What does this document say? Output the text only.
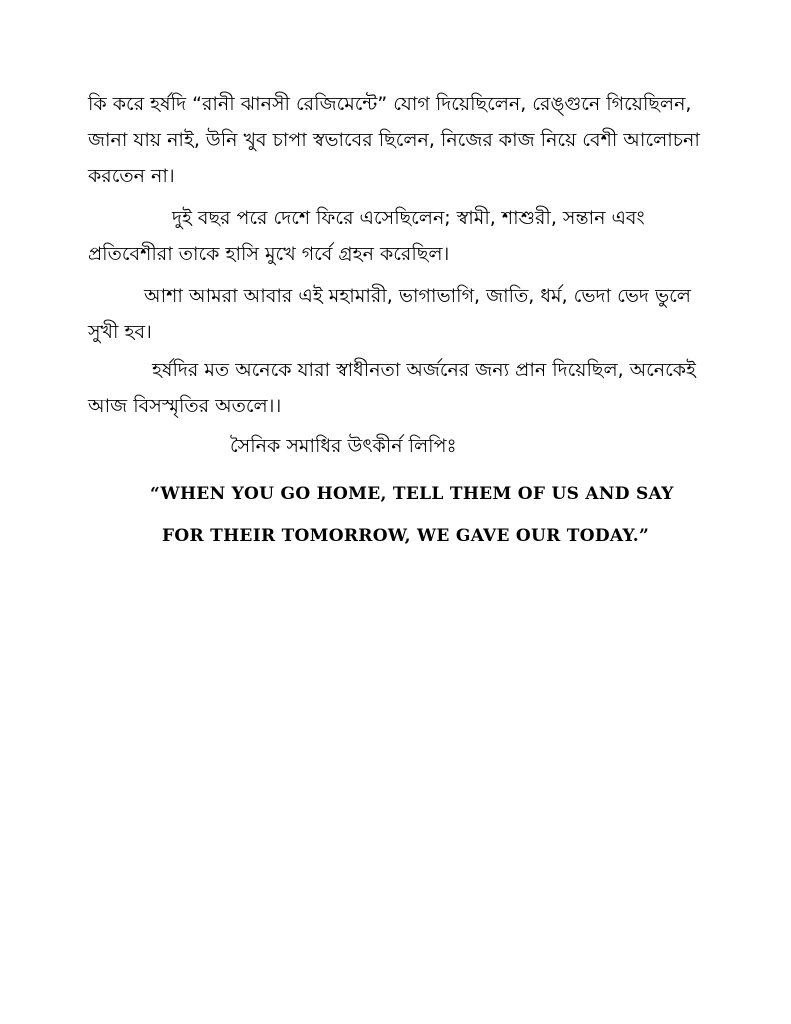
কি করে হর্ষদি “রানী ঝানসী রেজিমেন্টে” যোগ দিয়েছিলেন, রেঙ্গুনে গিয়েছিলন,
জানা যায় নাই, উনি খুব চাপা স্বভাবের ছিলেন, নিজের কাজ নিয়ে বেশী আলোচনা
করতেন না।

দুই বছর পরে দেশে ফিরে এসেছিলেন; স্বামী, শাশুরী, সন্তান এবং
প্রতিবেশীরা তাকে হাসি মুখে গর্বে গ্রহন করেছিল।

আশা আমরা আবার এই মহামারী, ভাগাভাগি, জাতি, ধর্ম, ভেদা ভেদ ভুলে
সুখী হব।

হর্ষদির মত অনেকে যারা স্বাধীনতা অর্জনের জন্য প্রান দিয়েছিল, অনেকেই
আজ বিসস্মৃতির অতলে।।

সৈনিক সমাধির উৎকীর্ন লিপিঃ

“WHEN YOU GO HOME, TELL THEM OF US AND SAY

FOR THEIR TOMORROW, WE GAVE OUR TODAY.”
